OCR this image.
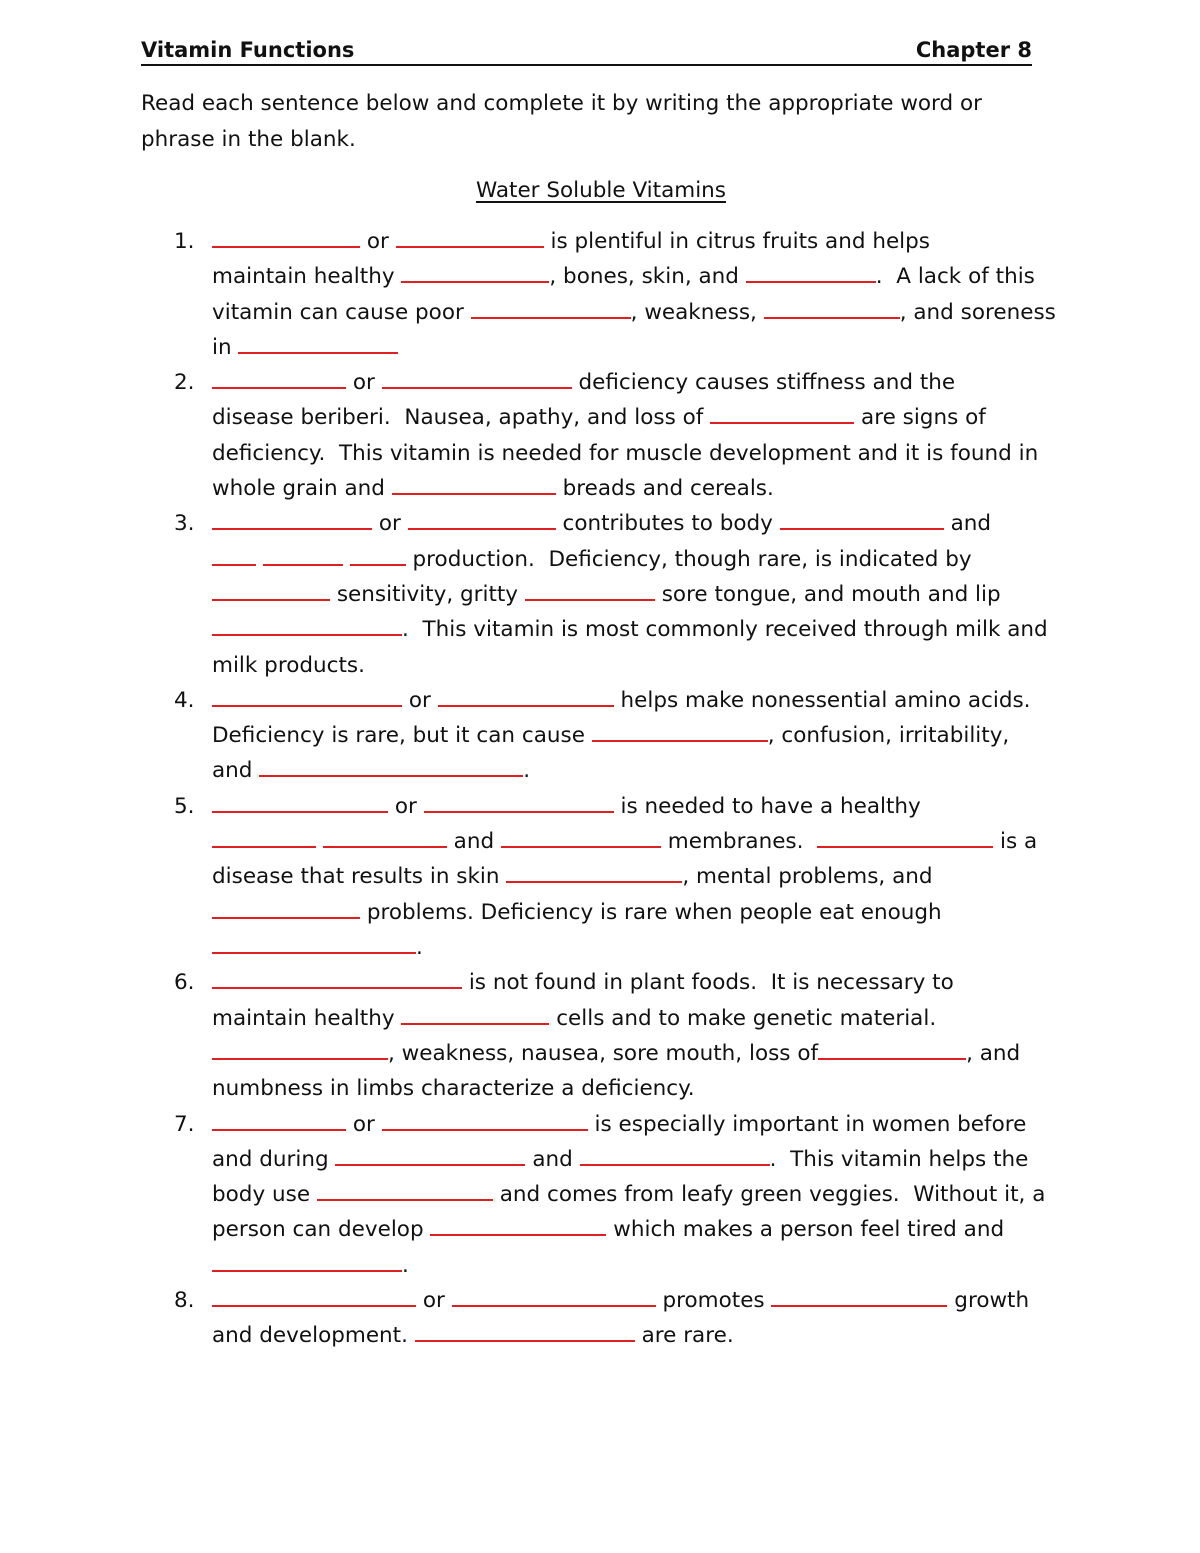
Vitamin Functions	Chapter 8

Read each sentence below and complete it by writing the appropriate word or

phrase in the blank.

Water Soluble Vitamins
1.	or	is plentiful in citrus fruits and helps
maintain healthy	, bones, skin, and	.  A lack of this
vitamin can cause poor	, weakness,	, and soreness
in
2.	or	deficiency causes stiffness and the
disease beriberi.  Nausea, apathy, and loss of	are signs of
deficiency.  This vitamin is needed for muscle development and it is found in
whole grain and	breads and cereals.
3.	or	contributes to body	and
production.  Deficiency, though rare, is indicated by
sensitivity, gritty	sore tongue, and mouth and lip
.  This vitamin is most commonly received through milk and
milk products.
4.	or	helps make nonessential amino acids.
Deficiency is rare, but it can cause	, confusion, irritability,
and	.
5.	or	is needed to have a healthy
and	membranes.	is a
disease that results in skin	, mental problems, and
problems. Deficiency is rare when people eat enough
.
6.	is not found in plant foods.  It is necessary to
maintain healthy	cells and to make genetic material.
, weakness, nausea, sore mouth, loss of	, and
numbness in limbs characterize a deficiency.
7.	or	is especially important in women before
and during	and	.  This vitamin helps the
body use	and comes from leafy green veggies.  Without it, a
person can develop	which makes a person feel tired and
.
8.	or	promotes	growth
and development.	are rare.
